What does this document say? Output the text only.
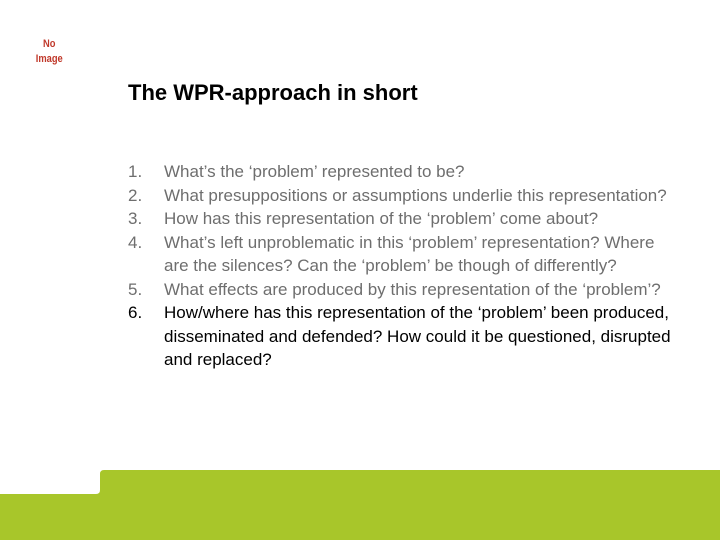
No
Image
The WPR-approach in short
1.	What’s the ‘problem’ represented to be?
2.	What presuppositions or assumptions underlie this representation?
3.	How has this representation of the ‘problem’ come about?
4.	What’s left unproblematic in this ‘problem’ representation? Where are the silences? Can the ‘problem’ be though of differently?
5.	What effects are produced by this representation of the ‘problem’?
6.	How/where has this representation of the ‘problem’ been produced, disseminated and defended? How could it be questioned, disrupted and replaced?
